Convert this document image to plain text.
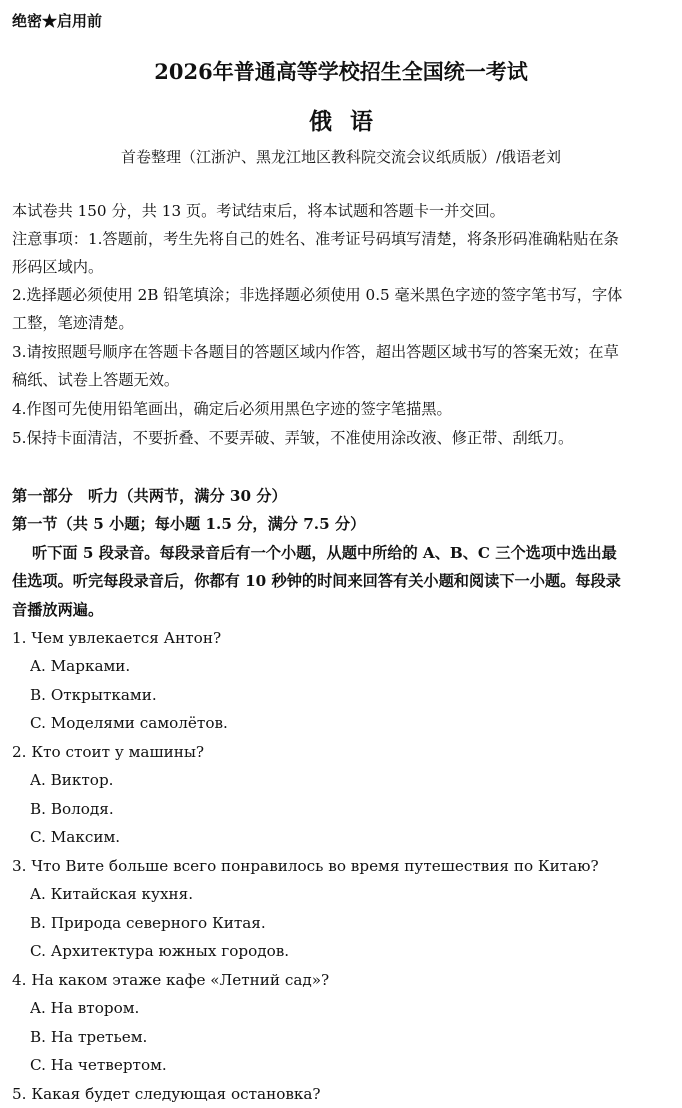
绝密★启用前
2026年普通高等学校招生全国统一考试
俄语
首卷整理（江浙沪、黑龙江地区教科院交流会议纸质版）/俄语老刘
本试卷共 150 分，共 13 页。考试结束后，将本试题和答题卡一并交回。
注意事项：1.答题前，考生先将自己的姓名、准考证号码填写清楚，将条形码准确粘贴在条
形码区域内。
2.选择题必须使用 2B 铅笔填涂；非选择题必须使用 0.5 毫米黑色字迹的签字笔书写，字体
工整，笔迹清楚。
3.请按照题号顺序在答题卡各题目的答题区域内作答，超出答题区域书写的答案无效；在草
稿纸、试卷上答题无效。
4.作图可先使用铅笔画出，确定后必须用黑色字迹的签字笔描黑。
5.保持卡面清洁，不要折叠、不要弄破、弄皱，不准使用涂改液、修正带、刮纸刀。
第一部分　听力（共两节，满分 30 分）
第一节（共 5 小题；每小题 1.5 分，满分 7.5 分）
听下面 5 段录音。每段录音后有一个小题，从题中所给的 A、B、C 三个选项中选出最
佳选项。听完每段录音后，你都有 10 秒钟的时间来回答有关小题和阅读下一小题。每段录
音播放两遍。
1. Чем увлекается Антон?
A. Марками.
B. Открытками.
C. Моделями самолётов.
2. Кто стоит у машины?
A. Виктор.
B. Володя.
C. Максим.
3. Что Вите больше всего понравилось во время путешествия по Китаю?
A. Китайская кухня.
B. Природа северного Китая.
C. Архитектура южных городов.
4. На каком этаже кафе «Летний сад»?
A. На втором.
B. На третьем.
C. На четвертом.
5. Какая будет следующая остановка?
